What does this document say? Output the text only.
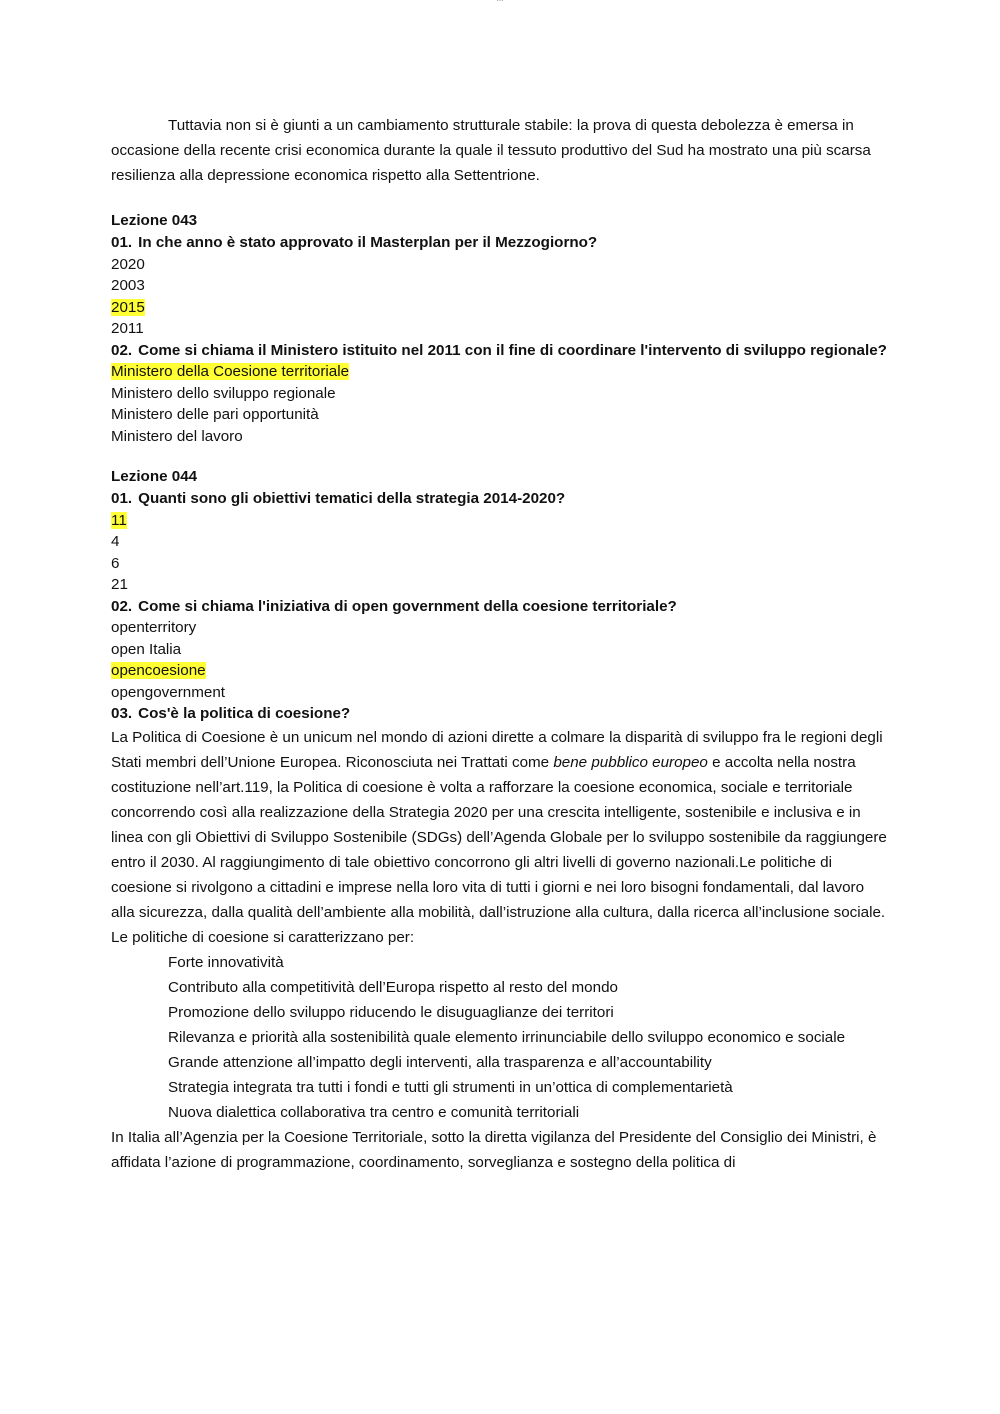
Tuttavia non si è giunti a un cambiamento strutturale stabile: la prova di questa debolezza è emersa in occasione della recente crisi economica durante la quale il tessuto produttivo del Sud ha mostrato una più scarsa resilienza alla depressione economica rispetto alla Settentrione.

Lezione 043

01. In che anno è stato approvato il Masterplan per il Mezzogiorno?

2020

2003

2015

2011

02. Come si chiama il Ministero istituito nel 2011 con il fine di coordinare l'intervento di sviluppo regionale?

Ministero della Coesione territoriale

Ministero dello sviluppo regionale

Ministero delle pari opportunità

Ministero del lavoro

Lezione 044

01. Quanti sono gli obiettivi tematici della strategia 2014-2020?

11

4

6

21

02. Come si chiama l'iniziativa di open government della coesione territoriale?

openterritory

open Italia

opencoesione

opengovernment

03. Cos'è la politica di coesione?

La Politica di Coesione è un unicum nel mondo di azioni dirette a colmare la disparità di sviluppo fra le regioni degli Stati membri dell’Unione Europea. Riconosciuta nei Trattati come bene pubblico europeo e accolta nella nostra costituzione nell’art.119, la Politica di coesione è volta a rafforzare la coesione economica, sociale e territoriale concorrendo così alla realizzazione della Strategia 2020 per una crescita intelligente, sostenibile e inclusiva e in linea con gli Obiettivi di Sviluppo Sostenibile (SDGs) dell’Agenda Globale per lo sviluppo sostenibile da raggiungere entro il 2030. Al raggiungimento di tale obiettivo concorrono gli altri livelli di governo nazionali.Le politiche di coesione si rivolgono a cittadini e imprese nella loro vita di tutti i giorni e nei loro bisogni fondamentali, dal lavoro alla sicurezza, dalla qualità dell’ambiente alla mobilità, dall’istruzione alla cultura, dalla ricerca all’inclusione sociale.

Le politiche di coesione si caratterizzano per:

Forte innovatività
Contributo alla competitività dell’Europa rispetto al resto del mondo
Promozione dello sviluppo riducendo le disuguaglianze dei territori
Rilevanza e priorità alla sostenibilità quale elemento irrinunciabile dello sviluppo economico e sociale
Grande attenzione all’impatto degli interventi, alla trasparenza e all’accountability
Strategia integrata tra tutti i fondi e tutti gli strumenti in un’ottica di complementarietà
Nuova dialettica collaborativa tra centro e comunità territoriali

In Italia all’Agenzia per la Coesione Territoriale, sotto la diretta vigilanza del Presidente del Consiglio dei Ministri, è affidata l’azione di programmazione, coordinamento, sorveglianza e sostegno della politica di
